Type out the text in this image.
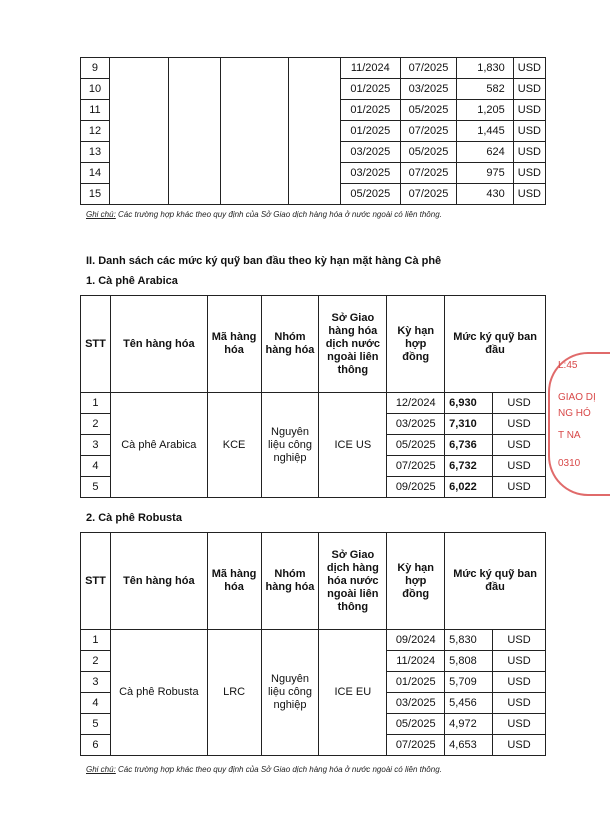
9					11/2024	07/2025	1,830	USD
10					01/2025	03/2025	582	USD
11					01/2025	05/2025	1,205	USD
12					01/2025	07/2025	1,445	USD
13					03/2025	05/2025	624	USD
14					03/2025	07/2025	975	USD
15					05/2025	07/2025	430	USD
Ghi chú: Các trường hợp khác theo quy định của Sở Giao dịch hàng hóa ở nước ngoài có liên thông.
II. Danh sách các mức ký quỹ ban đầu theo kỳ hạn mặt hàng Cà phê
1. Cà phê Arabica
STT	Tên hàng hóa	Mã hàng hóa	Nhóm hàng hóa	Sở Giao hàng hóa dịch nước ngoài liên thông	Kỳ hạn hợp đồng	Mức ký quỹ ban đầu	
1	Cà phê Arabica	KCE	Nguyên liệu công nghiệp	ICE US	12/2024	6,930	USD
2					03/2025	7,310	USD
3					05/2025	6,736	USD
4					07/2025	6,732	USD
5					09/2025	6,022	USD
2. Cà phê Robusta
STT	Tên hàng hóa	Mã hàng hóa	Nhóm hàng hóa	Sở Giao dịch hàng hóa nước ngoài liên thông	Kỳ hạn hợp đồng	Mức ký quỹ ban đầu	
1	Cà phê Robusta	LRC	Nguyên liệu công nghiệp	ICE EU	09/2024	5,830	USD
2					11/2024	5,808	USD
3					01/2025	5,709	USD
4					03/2025	5,456	USD
5					05/2025	4,972	USD
6					07/2025	4,653	USD
Ghi chú: Các trường hợp khác theo quy định của Sở Giao dịch hàng hóa ở nước ngoài có liên thông.
L:45
GIAO DỊ
NG HÓ
T NA
0310
